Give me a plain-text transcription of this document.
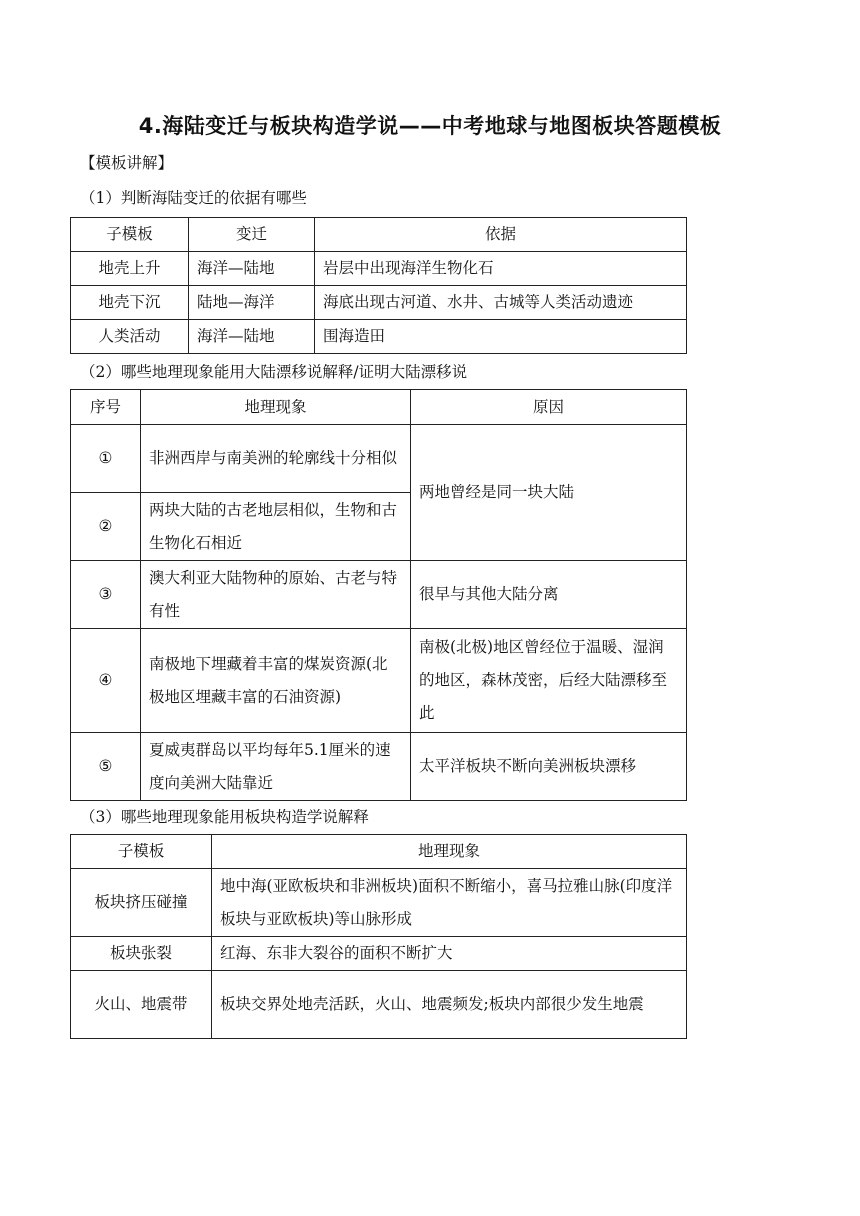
4.海陆变迁与板块构造学说——中考地球与地图板块答题模板
【模板讲解】
（1）判断海陆变迁的依据有哪些
子模板	变迁	依据
地壳上升	海洋—陆地	岩层中出现海洋生物化石
地壳下沉	陆地—海洋	海底出现古河道、水井、古城等人类活动遗迹
人类活动	海洋—陆地	围海造田
（2）哪些地理现象能用大陆漂移说解释/证明大陆漂移说
序号	地理现象	原因
①	非洲西岸与南美洲的轮廓线十分相似	两地曾经是同一块大陆
②	两块大陆的古老地层相似，生物和古生物化石相近	
③	澳大利亚大陆物种的原始、古老与特有性	很早与其他大陆分离
④	南极地下埋藏着丰富的煤炭资源(北极地区埋藏丰富的石油资源)	南极(北极)地区曾经位于温暖、湿润的地区，森林茂密，后经大陆漂移至此
⑤	夏威夷群岛以平均每年5.1厘米的速度向美洲大陆靠近	太平洋板块不断向美洲板块漂移
（3）哪些地理现象能用板块构造学说解释
子模板	地理现象
板块挤压碰撞	地中海(亚欧板块和非洲板块)面积不断缩小，喜马拉雅山脉(印度洋板块与亚欧板块)等山脉形成
板块张裂	红海、东非大裂谷的面积不断扩大
火山、地震带	板块交界处地壳活跃，火山、地震频发;板块内部很少发生地震
